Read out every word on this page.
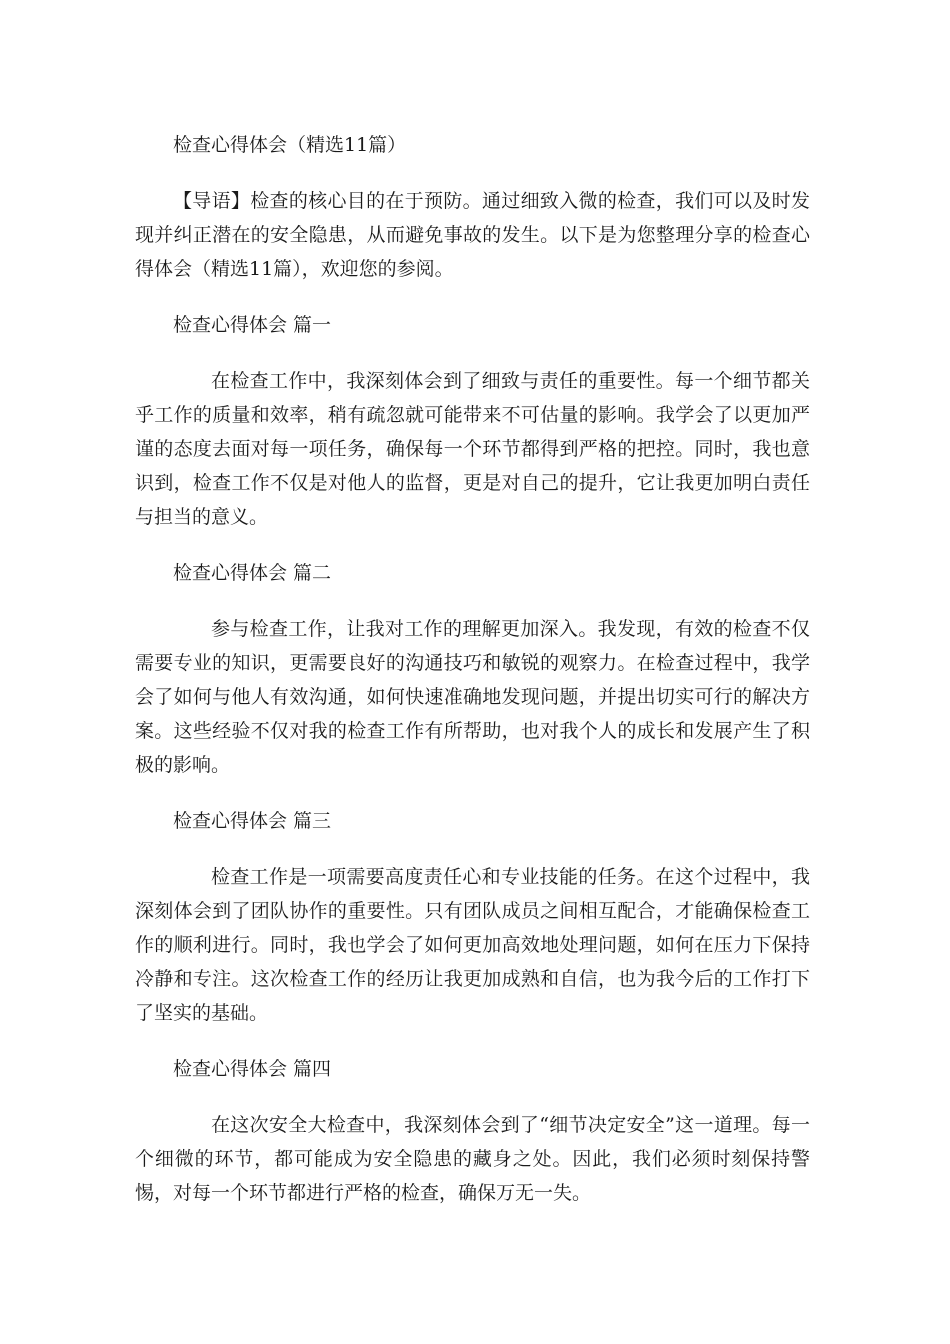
检查心得体会（精选11篇）

【导语】检查的核心目的在于预防。通过细致入微的检查，我们可以及时发现并纠正潜在的安全隐患，从而避免事故的发生。以下是为您整理分享的检查心得体会（精选11篇），欢迎您的参阅。

检查心得体会 篇一

在检查工作中，我深刻体会到了细致与责任的重要性。每一个细节都关乎工作的质量和效率，稍有疏忽就可能带来不可估量的影响。我学会了以更加严谨的态度去面对每一项任务，确保每一个环节都得到严格的把控。同时，我也意识到，检查工作不仅是对他人的监督，更是对自己的提升，它让我更加明白责任与担当的意义。

检查心得体会 篇二

参与检查工作，让我对工作的理解更加深入。我发现，有效的检查不仅需要专业的知识，更需要良好的沟通技巧和敏锐的观察力。在检查过程中，我学会了如何与他人有效沟通，如何快速准确地发现问题，并提出切实可行的解决方案。这些经验不仅对我的检查工作有所帮助，也对我个人的成长和发展产生了积极的影响。

检查心得体会 篇三

检查工作是一项需要高度责任心和专业技能的任务。在这个过程中，我深刻体会到了团队协作的重要性。只有团队成员之间相互配合，才能确保检查工作的顺利进行。同时，我也学会了如何更加高效地处理问题，如何在压力下保持冷静和专注。这次检查工作的经历让我更加成熟和自信，也为我今后的工作打下了坚实的基础。

检查心得体会 篇四

在这次安全大检查中，我深刻体会到了“细节决定安全”这一道理。每一个细微的环节，都可能成为安全隐患的藏身之处。因此，我们必须时刻保持警惕，对每一个环节都进行严格的检查，确保万无一失。
